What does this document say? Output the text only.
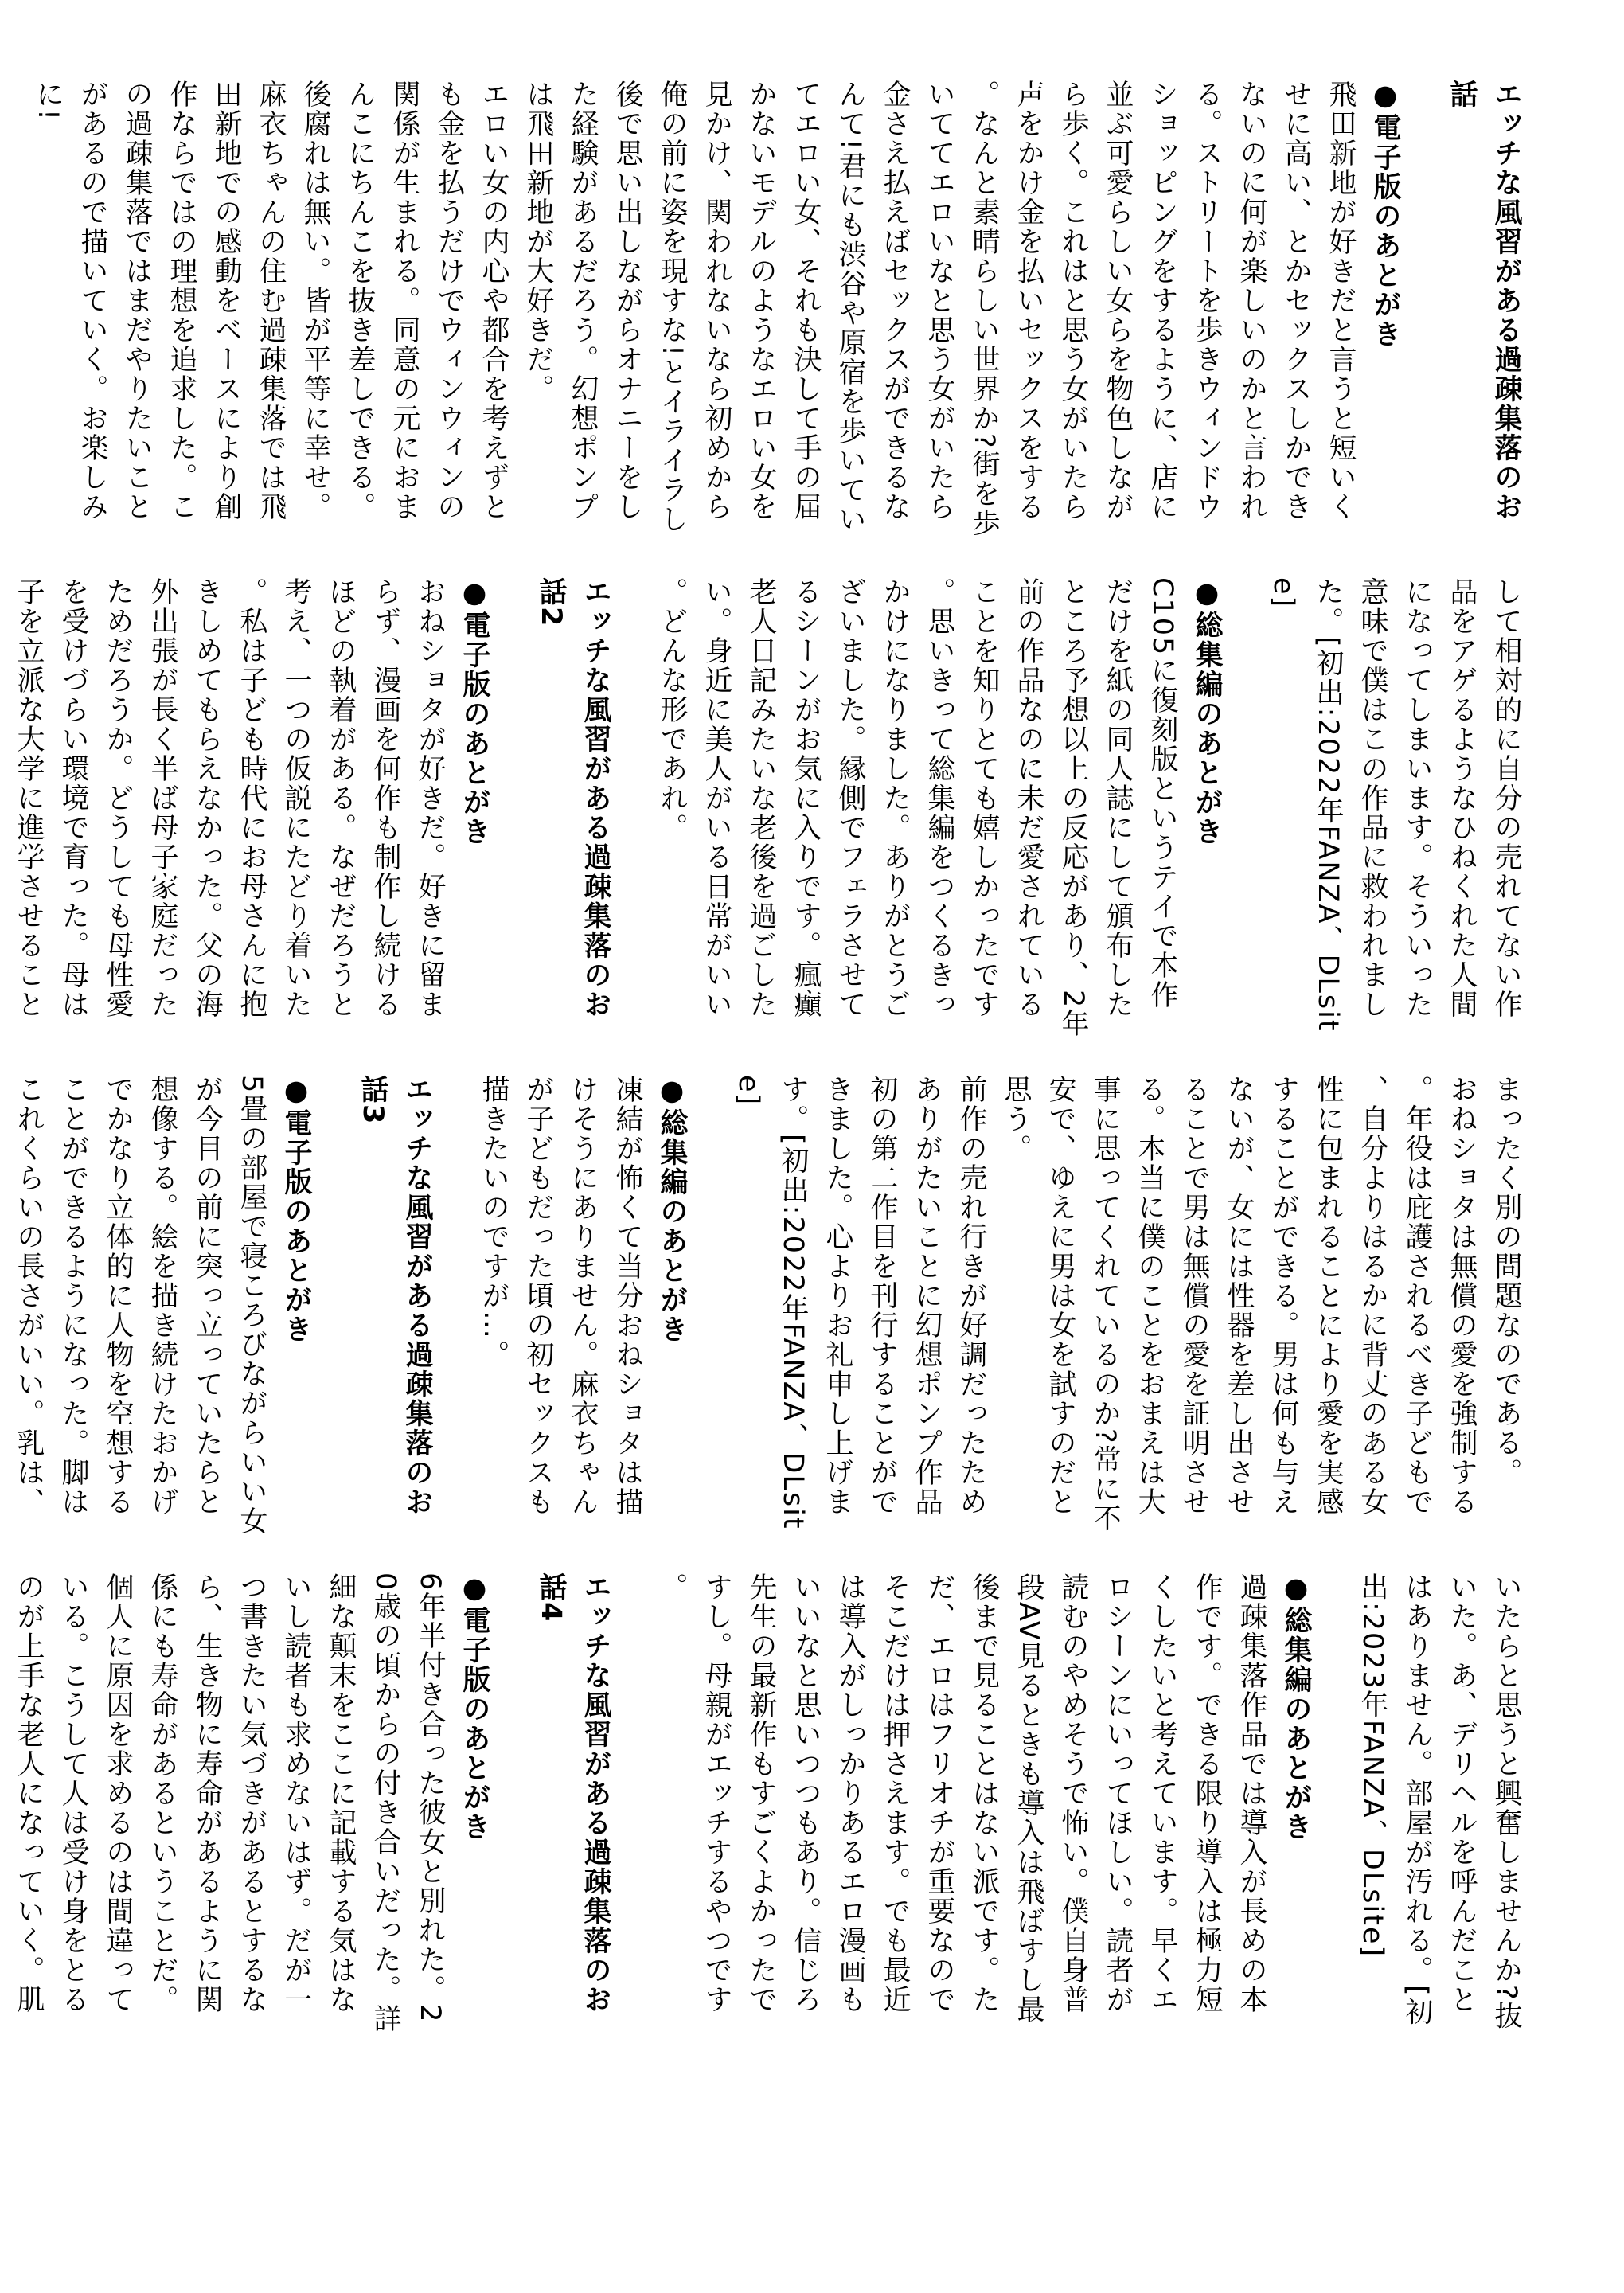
エッチな風習がある過疎集落のお話
●電子版のあとがき
飛田新地が好きだと言うと短いくせに高い、とかセックスしかできないのに何が楽しいのかと言われる。ストリートを歩きウィンドウショッピングをするように、店に並ぶ可愛らしい女らを物色しながら歩く。これはと思う女がいたら声をかけ金を払いセックスをする。なんと素晴らしい世界か?街を歩いててエロいなと思う女がいたら金さえ払えばセックスができるなんて!君にも渋谷や原宿を歩いていてエロい女、それも決して手の届かないモデルのようなエロい女を見かけ、関われないなら初めから俺の前に姿を現すな!とイライラし後で思い出しながらオナニーをした経験があるだろう。幻想ポンプは飛田新地が大好きだ。
エロい女の内心や都合を考えずとも金を払うだけでウィンウィンの関係が生まれる。同意の元におまんこにちんこを抜き差しできる。後腐れは無い。皆が平等に幸せ。麻衣ちゃんの住む過疎集落では飛田新地での感動をベースにより創作ならではの理想を追求した。この過疎集落ではまだやりたいことがあるので描いていく。お楽しみに!
して相対的に自分の売れてない作品をアゲるようなひねくれた人間になってしまいます。そういった意味で僕はこの作品に救われました。[初出:2022年FANZA、DLsite]
●総集編のあとがき
C105に復刻版というテイで本作だけを紙の同人誌にして頒布したところ予想以上の反応があり、2年前の作品なのに未だ愛されていることを知りとても嬉しかったです。思いきって総集編をつくるきっかけになりました。ありがとうございました。縁側でフェラさせてるシーンがお気に入りです。瘋癲老人日記みたいな老後を過ごしたい。身近に美人がいる日常がいい。どんな形であれ。
エッチな風習がある過疎集落のお話2
●電子版のあとがき
おねショタが好きだ。好きに留まらず、漫画を何作も制作し続けるほどの執着がある。なぜだろうと考え、一つの仮説にたどり着いた。私は子ども時代にお母さんに抱きしめてもらえなかった。父の海外出張が長く半ば母子家庭だったためだろうか。どうしても母性愛を受けづらい環境で育った。母は子を立派な大学に進学させること
まったく別の問題なのである。
おねショタは無償の愛を強制する。年役は庇護されるべき子どもで、自分よりはるかに背丈のある女性に包まれることにより愛を実感することができる。男は何も与えないが、女には性器を差し出させることで男は無償の愛を証明させる。本当に僕のことをおまえは大事に思ってくれているのか?常に不安で、ゆえに男は女を試すのだと思う。
前作の売れ行きが好調だったためありがたいことに幻想ポンプ作品初の第二作目を刊行することができました。心よりお礼申し上げます。[初出:2022年FANZA、DLsite]
●総集編のあとがき
凍結が怖くて当分おねショタは描けそうにありません。麻衣ちゃんが子どもだった頃の初セックスも描きたいのですが…。
エッチな風習がある過疎集落のお話3
●電子版のあとがき
5畳の部屋で寝ころびながらいい女が今目の前に突っ立っていたらと想像する。絵を描き続けたおかげでかなり立体的に人物を空想することができるようになった。脚はこれくらいの長さがいい。乳は、
いたらと思うと興奮しませんか?抜いた。あ、デリヘルを呼んだことはありません。部屋が汚れる。[初出:2023年FANZA、DLsite]
●総集編のあとがき
過疎集落作品では導入が長めの本作です。できる限り導入は極力短くしたいと考えています。早くエロシーンにいってほしい。読者が読むのやめそうで怖い。僕自身普段AV見るときも導入は飛ばすし最後まで見ることはない派です。ただ、エロはフリオチが重要なのでそこだけは押さえます。でも最近は導入がしっかりあるエロ漫画もいいなと思いつつもあり。信じろ先生の最新作もすごくよかったですし。母親がエッチするやつです。
エッチな風習がある過疎集落のお話4
●電子版のあとがき
6年半付き合った彼女と別れた。20歳の頃からの付き合いだった。詳細な顛末をここに記載する気はないし読者も求めないはず。だが一つ書きたい気づきがあるとするなら、生き物に寿命があるように関係にも寿命があるということだ。個人に原因を求めるのは間違っている。こうして人は受け身をとるのが上手な老人になっていく。肌
